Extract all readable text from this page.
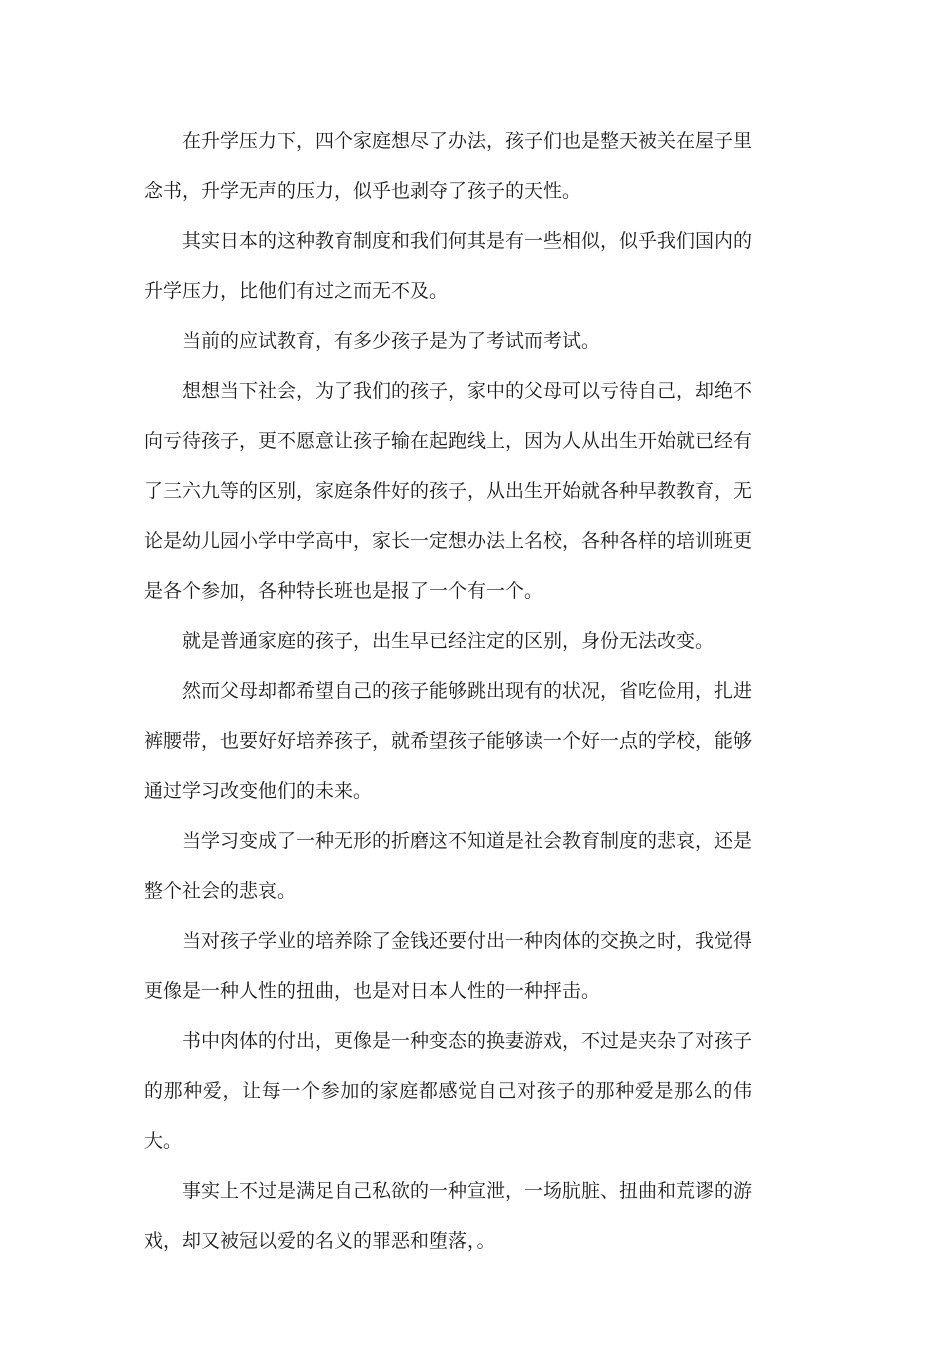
在升学压力下，四个家庭想尽了办法，孩子们也是整天被关在屋子里念书，升学无声的压力，似乎也剥夺了孩子的天性。

其实日本的这种教育制度和我们何其是有一些相似，似乎我们国内的升学压力，比他们有过之而无不及。

当前的应试教育，有多少孩子是为了考试而考试。

想想当下社会，为了我们的孩子，家中的父母可以亏待自己，却绝不向亏待孩子，更不愿意让孩子输在起跑线上，因为人从出生开始就已经有了三六九等的区别，家庭条件好的孩子，从出生开始就各种早教教育，无论是幼儿园小学中学高中，家长一定想办法上名校，各种各样的培训班更是各个参加，各种特长班也是报了一个有一个。

就是普通家庭的孩子，出生早已经注定的区别，身份无法改变。

然而父母却都希望自己的孩子能够跳出现有的状况，省吃俭用，扎进裤腰带，也要好好培养孩子，就希望孩子能够读一个好一点的学校，能够通过学习改变他们的未来。

当学习变成了一种无形的折磨这不知道是社会教育制度的悲哀，还是整个社会的悲哀。

当对孩子学业的培养除了金钱还要付出一种肉体的交换之时，我觉得更像是一种人性的扭曲，也是对日本人性的一种抨击。

书中肉体的付出，更像是一种变态的换妻游戏，不过是夹杂了对孩子的那种爱，让每一个参加的家庭都感觉自己对孩子的那种爱是那么的伟大。

事实上不过是满足自己私欲的一种宣泄，一场肮脏、扭曲和荒谬的游戏，却又被冠以爱的名义的罪恶和堕落，。
